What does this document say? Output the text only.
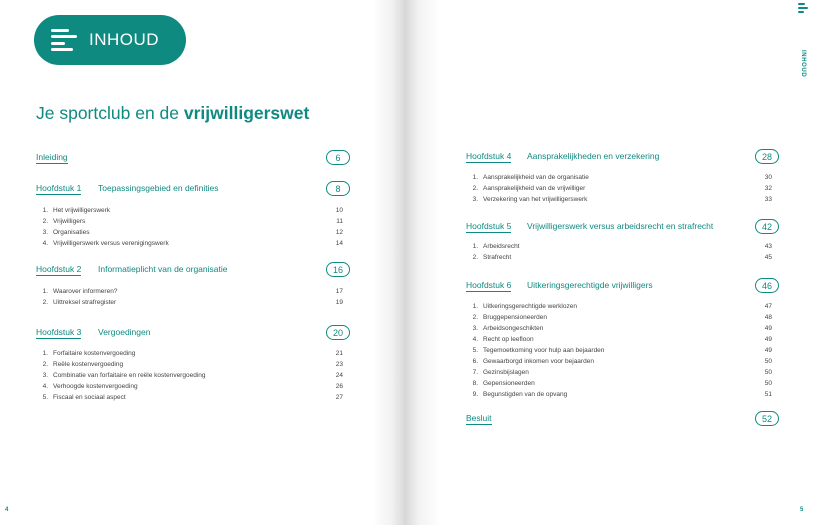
INHOUD
Je sportclub en de vrijwilligerswet
INHOUD
Inleiding	6
Hoofdstuk 1 Toepassingsgebied en definities	8
1. Het vrijwilligerswerk	10
2. Vrijwilligers	11
3. Organisaties	12
4. Vrijwilligerswerk versus verenigingswerk	14
Hoofdstuk 2 Informatieplicht van de organisatie	16
1. Waarover informeren?	17
2. Uittreksel strafregister	19
Hoofdstuk 3 Vergoedingen	20
1. Forfaitaire kostenvergoeding	21
2. Reële kostenvergoeding	23
3. Combinatie van forfaitaire en reële kostenvergoeding	24
4. Verhoogde kostenvergoeding	26
5. Fiscaal en sociaal aspect	27
Hoofdstuk 4 Aansprakelijkheden en verzekering	28
1. Aansprakelijkheid van de organisatie	30
2. Aansprakelijkheid van de vrijwilliger	32
3. Verzekering van het vrijwilligerswerk	33
Hoofdstuk 5 Vrijwilligerswerk versus arbeidsrecht en strafrecht	42
1. Arbeidsrecht	43
2. Strafrecht	45
Hoofdstuk 6 Uitkeringsgerechtigde vrijwilligers	46
1. Uitkeringsgerechtigde werklozen	47
2. Bruggepensioneerden	48
3. Arbeidsongeschikten	49
4. Recht op leefloon	49
5. Tegemoetkoming voor hulp aan bejaarden	49
6. Gewaarborgd inkomen voor bejaarden	50
7. Gezinsbijslagen	50
8. Gepensioneerden	50
9. Begunstigden van de opvang	51
Besluit	52
4	5
